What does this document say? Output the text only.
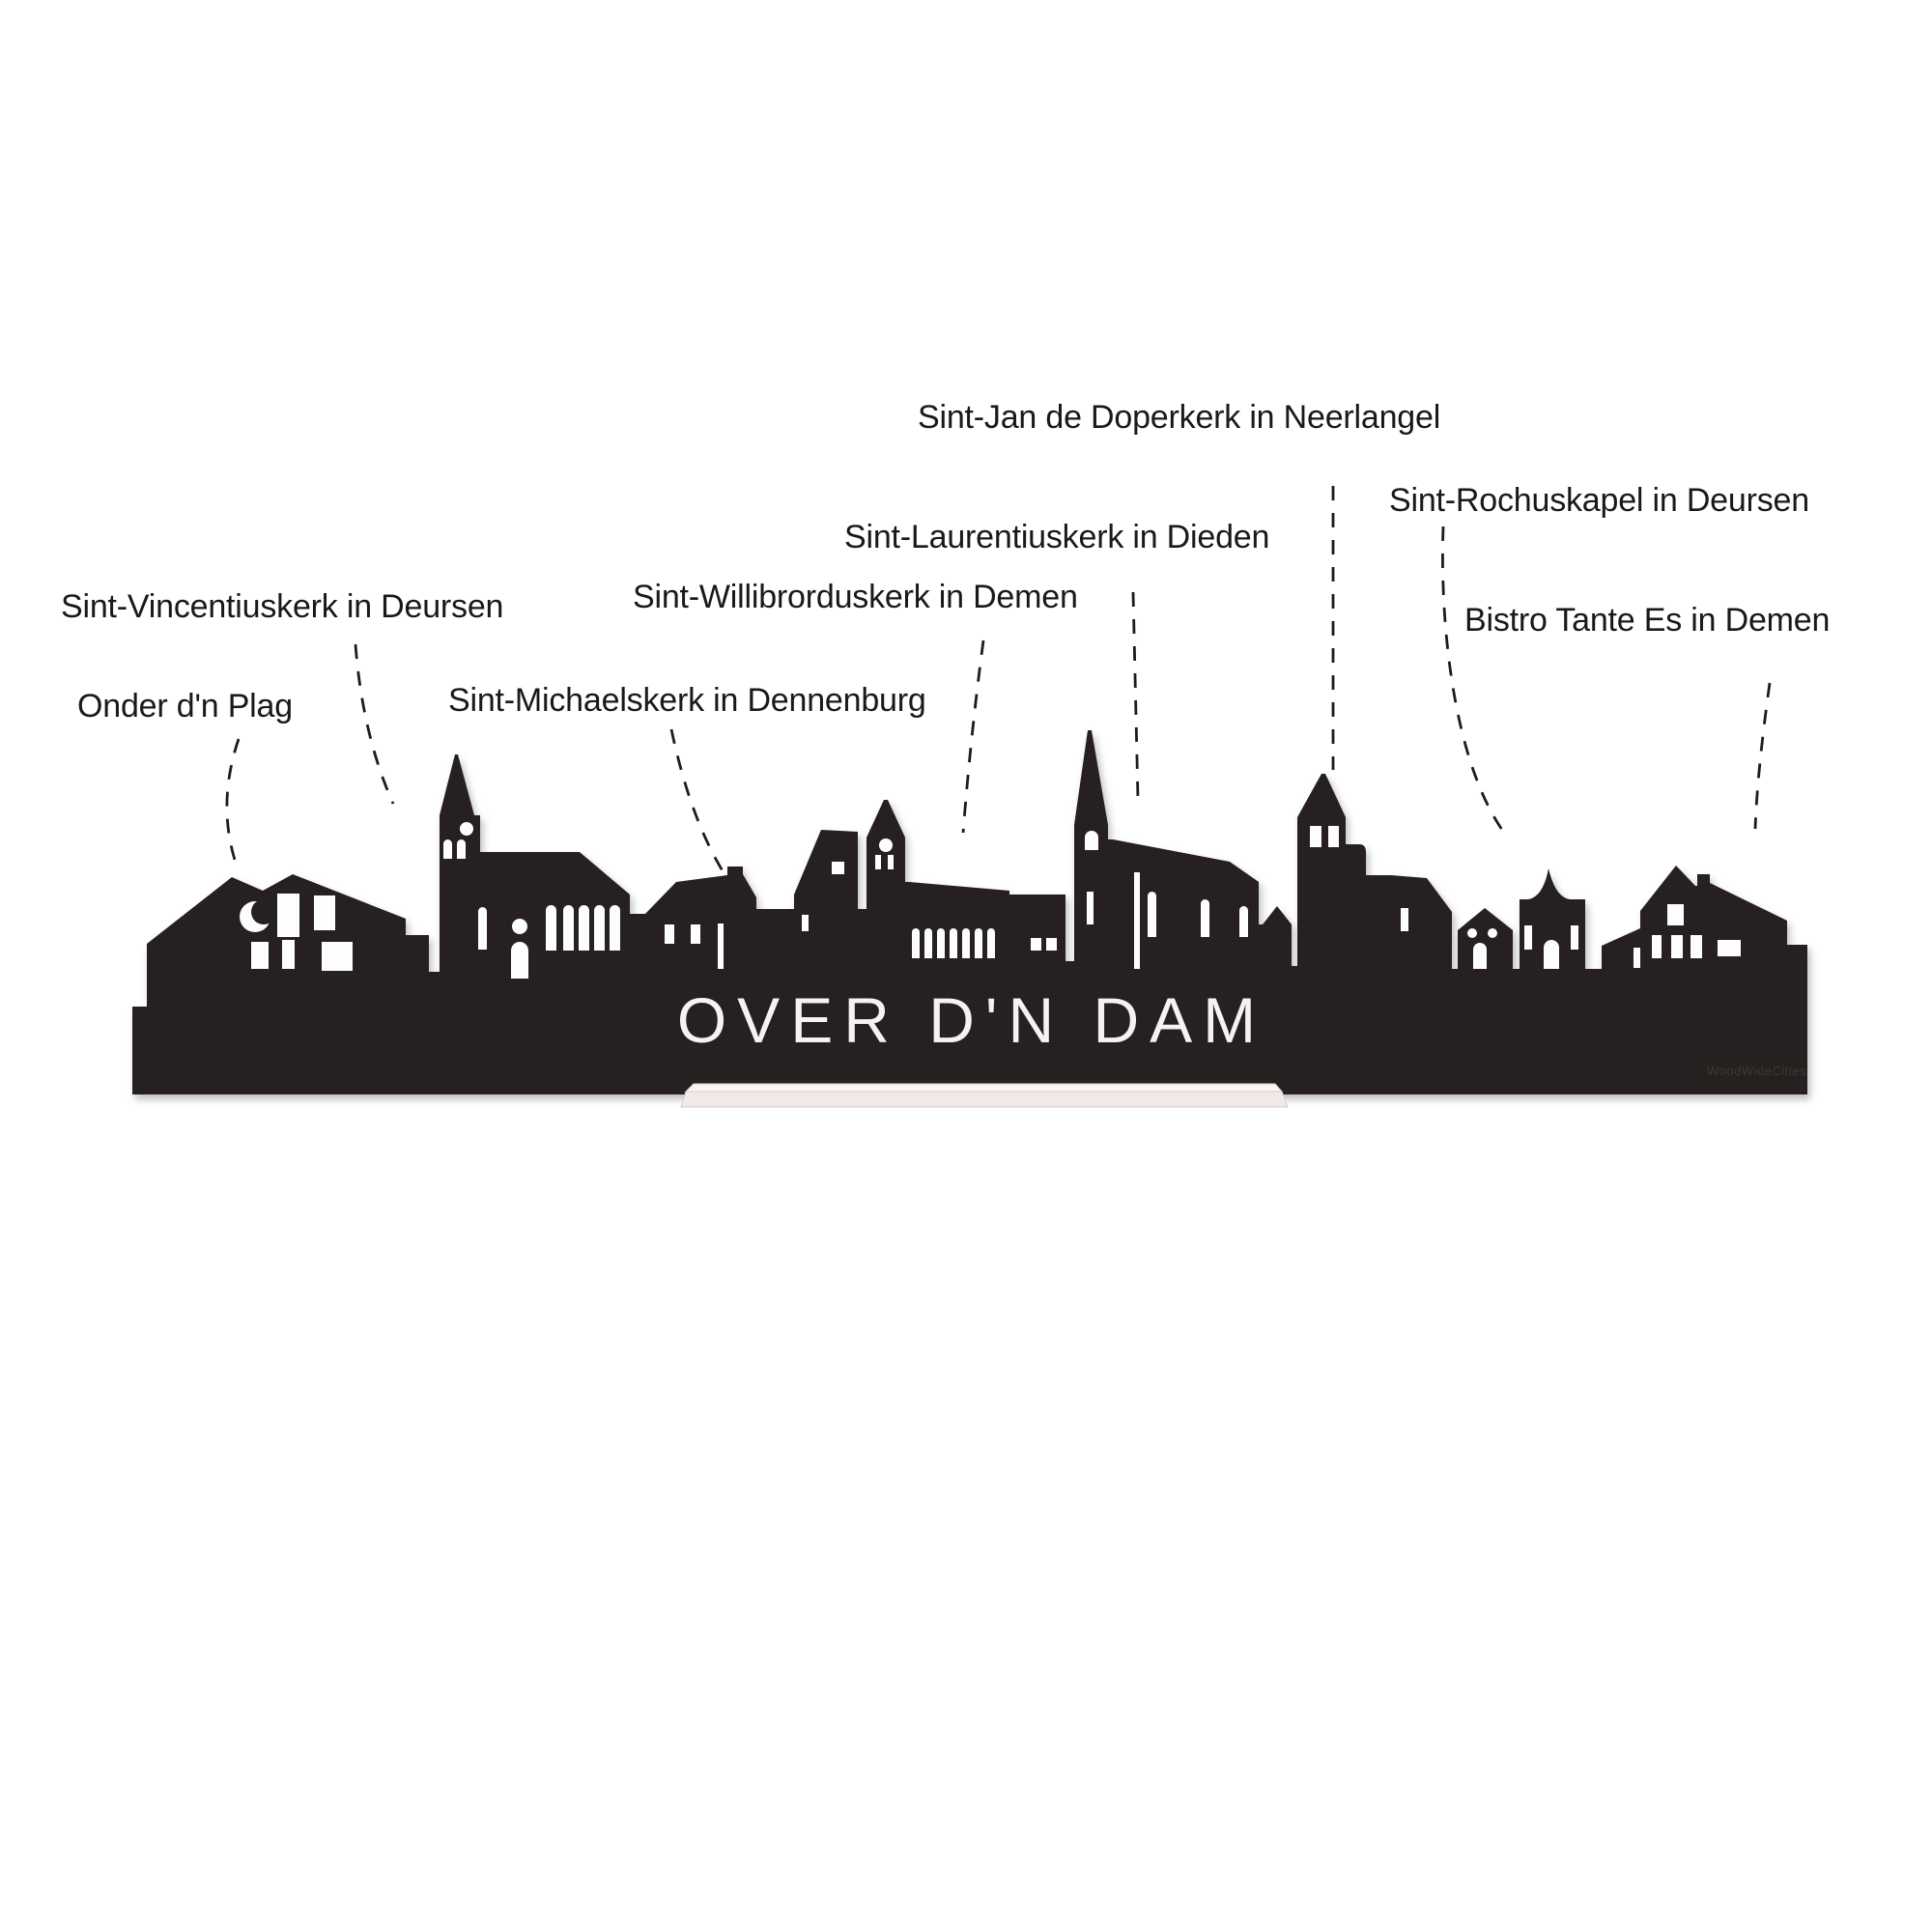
OVER D'N DAM
WoodWideCities
Sint-Vincentiuskerk in Deursen
Onder d'n Plag	Sint-Michaelskerk in Dennenburg
Sint-Willibrorduskerk in Demen
Sint-Laurentiuskerk in Dieden
Sint-Jan de Doperkerk in Neerlangel
Sint-Rochuskapel in Deursen
Bistro Tante Es in Demen
